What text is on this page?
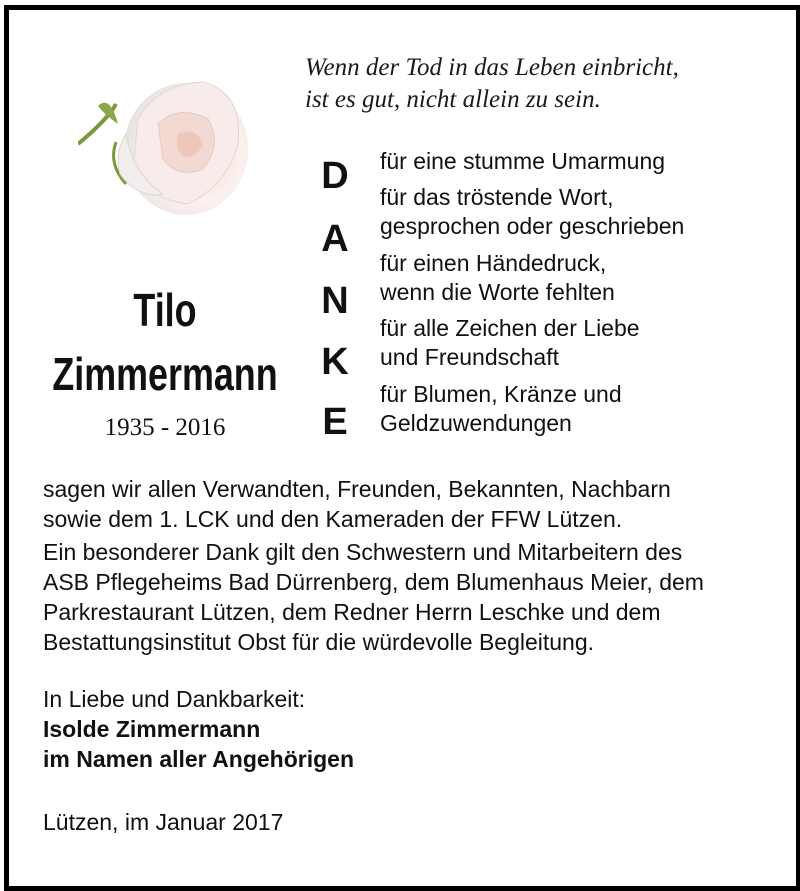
Wenn der Tod in das Leben einbricht,
ist es gut, nicht allein zu sein.
Tilo
Zimmermann
1935 - 2016
D
A
N
K
E
für eine stumme Umarmung
für das tröstende Wort,
gesprochen oder geschrieben
für einen Händedruck,
wenn die Worte fehlten
für alle Zeichen der Liebe
und Freundschaft
für Blumen, Kränze und
Geldzuwendungen
sagen wir allen Verwandten, Freunden, Bekannten, Nachbarn
sowie dem 1. LCK und den Kameraden der FFW Lützen.
Ein besonderer Dank gilt den Schwestern und Mitarbeitern des
ASB Pflegeheims Bad Dürrenberg, dem Blumenhaus Meier, dem
Parkrestaurant Lützen, dem Redner Herrn Leschke und dem
Bestattungsinstitut Obst für die würdevolle Begleitung.
In Liebe und Dankbarkeit:
Isolde Zimmermann
im Namen aller Angehörigen
Lützen, im Januar 2017
